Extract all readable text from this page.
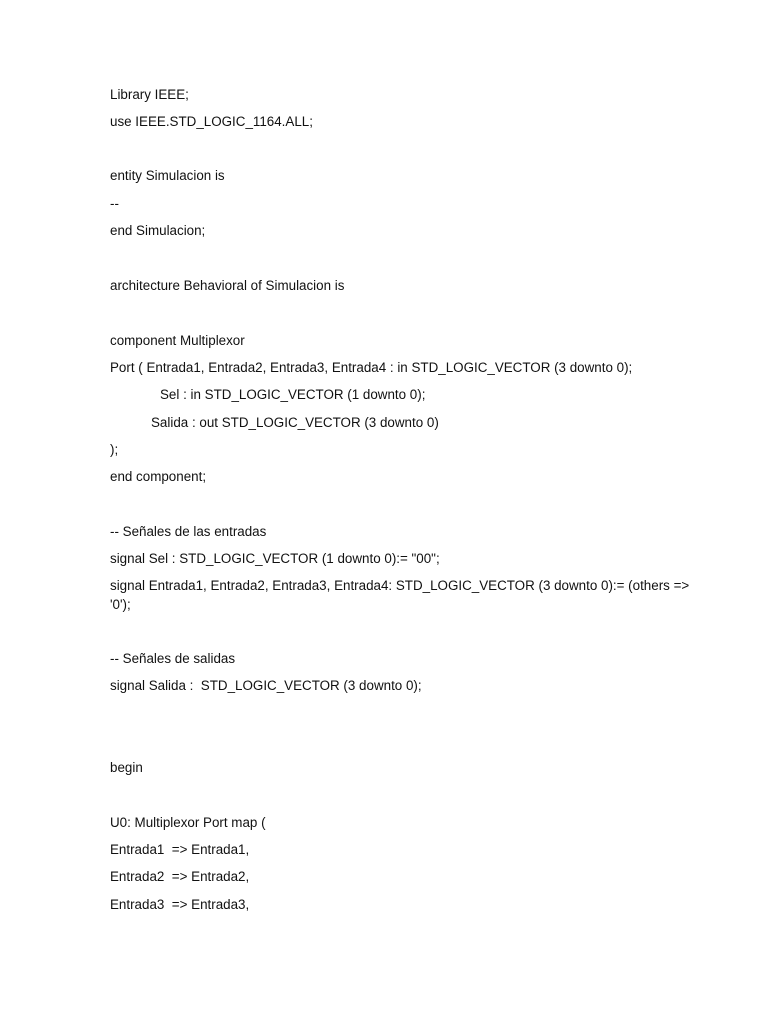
Library IEEE;
use IEEE.STD_LOGIC_1164.ALL;
entity Simulacion is
--
end Simulacion;
architecture Behavioral of Simulacion is
component Multiplexor
Port ( Entrada1, Entrada2, Entrada3, Entrada4 : in STD_LOGIC_VECTOR (3 downto 0);
Sel : in STD_LOGIC_VECTOR (1 downto 0);
Salida : out STD_LOGIC_VECTOR (3 downto 0)
);
end component;
-- Señales de las entradas
signal Sel : STD_LOGIC_VECTOR (1 downto 0):= "00";
signal Entrada1, Entrada2, Entrada3, Entrada4: STD_LOGIC_VECTOR (3 downto 0):= (others =>
'0');
-- Señales de salidas
signal Salida :  STD_LOGIC_VECTOR (3 downto 0);
begin
U0: Multiplexor Port map (
Entrada1  => Entrada1,
Entrada2  => Entrada2,
Entrada3  => Entrada3,
